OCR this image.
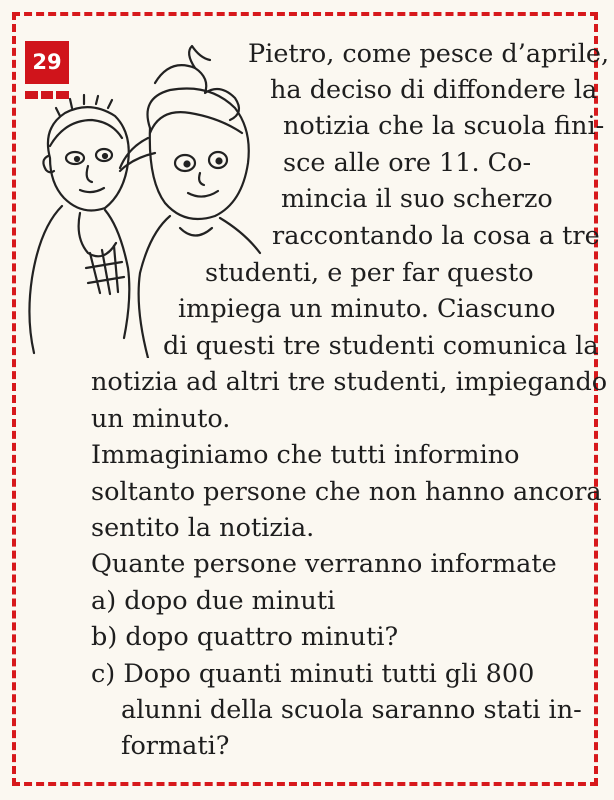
29	Pietro, come pesce d’aprile,
ha deciso di diffondere la
notizia che la scuola fini-
sce alle ore 11. Co-
mincia il suo scherzo
raccontando la cosa a tre
studenti, e per far questo
impiega un minuto. Ciascuno
di questi tre studenti comunica la
notizia ad altri tre studenti, impiegando
un minuto.
Immaginiamo che tutti informino
soltanto persone che non hanno ancora
sentito la notizia.
Quante persone verranno informate
a) dopo due minuti
b) dopo quattro minuti?
c) Dopo quanti minuti tutti gli 800
alunni della scuola saranno stati in-
formati?
